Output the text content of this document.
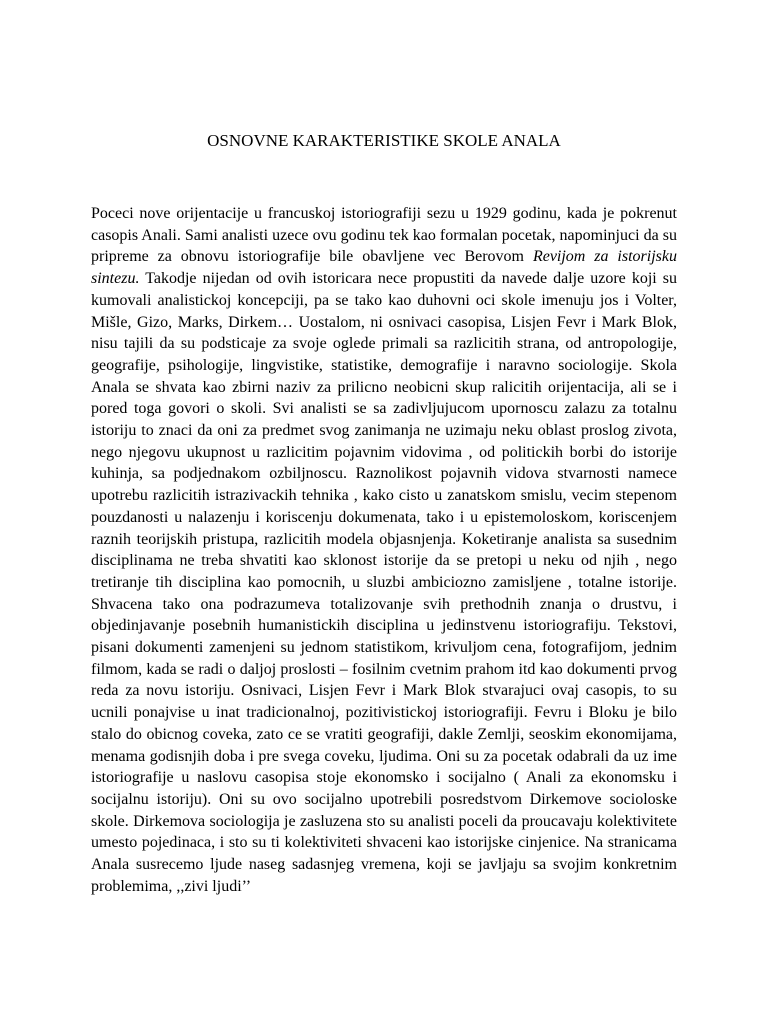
OSNOVNE KARAKTERISTIKE SKOLE ANALA

Poceci nove orijentacije u francuskoj istoriografiji sezu u 1929 godinu, kada je pokrenut casopis Anali. Sami analisti uzece ovu godinu tek kao formalan pocetak, napominjuci da su pripreme za obnovu istoriografije bile obavljene vec Berovom Revijom za istorijsku sintezu. Takodje nijedan od ovih istoricara nece propustiti da navede dalje uzore koji su kumovali analistickoj koncepciji, pa se tako kao duhovni oci skole imenuju jos i Volter, Mišle, Gizo, Marks, Dirkem… Uostalom, ni osnivaci casopisa, Lisjen Fevr i Mark Blok, nisu tajili da su podsticaje za svoje oglede primali sa razlicitih strana, od antropologije, geografije, psihologije, lingvistike, statistike, demografije i naravno sociologije. Skola Anala se shvata kao zbirni naziv za prilicno neobicni skup ralicitih orijentacija, ali se i pored toga govori o skoli. Svi analisti se sa zadivljujucom upornoscu zalazu za totalnu istoriju to znaci da oni za predmet svog zanimanja ne uzimaju neku oblast proslog zivota, nego njegovu ukupnost u razlicitim pojavnim vidovima , od politickih borbi do istorije kuhinja, sa podjednakom ozbiljnoscu. Raznolikost pojavnih vidova stvarnosti namece upotrebu razlicitih istrazivackih tehnika , kako cisto u zanatskom smislu, vecim stepenom pouzdanosti u nalazenju i koriscenju dokumenata, tako i u epistemoloskom, koriscenjem raznih teorijskih pristupa, razlicitih modela objasnjenja. Koketiranje analista sa susednim disciplinama ne treba shvatiti kao sklonost istorije da se pretopi u neku od njih , nego tretiranje tih disciplina kao pomocnih, u sluzbi ambiciozno zamisljene , totalne istorije. Shvacena tako ona podrazumeva totalizovanje svih prethodnih znanja o drustvu, i objedinjavanje posebnih humanistickih disciplina u jedinstvenu istoriografiju. Tekstovi, pisani dokumenti zamenjeni su jednom statistikom, krivuljom cena, fotografijom, jednim filmom, kada se radi o daljoj proslosti – fosilnim cvetnim prahom itd kao dokumenti prvog reda za novu istoriju. Osnivaci, Lisjen Fevr i Mark Blok stvarajuci ovaj casopis, to su ucnili ponajvise u inat tradicionalnoj, pozitivistickoj istoriografiji. Fevru i Bloku je bilo stalo do obicnog coveka, zato ce se vratiti geografiji, dakle Zemlji, seoskim ekonomijama, menama godisnjih doba i pre svega coveku, ljudima. Oni su za pocetak odabrali da uz ime istoriografije u naslovu casopisa stoje ekonomsko i socijalno ( Anali za ekonomsku i socijalnu istoriju). Oni su ovo socijalno upotrebili posredstvom Dirkemove socioloske skole. Dirkemova sociologija je zasluzena sto su analisti poceli da proucavaju kolektivitete umesto pojedinaca, i sto su ti kolektiviteti shvaceni kao istorijske cinjenice. Na stranicama Anala susrecemo ljude naseg sadasnjeg vremena, koji se javljaju sa svojim konkretnim problemima, ,,zivi ljudi’’
